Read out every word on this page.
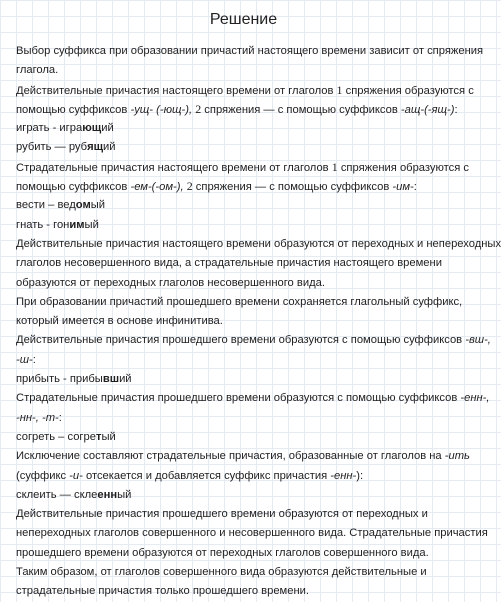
Решение
Выбор суффикса при образовании причастий настоящего времени зависит от спряжения
глагола.
Действительные причастия настоящего времени от глаголов 1 спряжения образуются с
помощью суффиксов -ущ- (-ющ-), 2 спряжения — с помощью суффиксов -ащ-(-ящ-):
играть - играющий
рубить — рубящий
Страдательные причастия настоящего времени от глаголов 1 спряжения образуются с
помощью суффиксов -ем-(-ом-), 2 спряжения — с помощью суффиксов -им-:
вести – ведомый
гнать - гонимый
Действительные причастия настоящего времени образуются от переходных и непереходных
глаголов несовершенного вида, а страдательные причастия настоящего времени
образуются от переходных глаголов несовершенного вида.
При образовании причастий прошедшего времени сохраняется глагольный суффикс,
который имеется в основе инфинитива.
Действительные причастия прошедшего времени образуются с помощью суффиксов -вш-,
-ш-:
прибыть - прибывший
Страдательные причастия прошедшего времени образуются с помощью суффиксов -енн-,
-нн-, -т-:
согреть – согретый
Исключение составляют страдательные причастия, образованные от глаголов на -ить
(суффикс -и- отсекается и добавляется суффикс причастия -енн-):
склеить — склеенный
Действительные причастия прошедшего времени образуются от переходных и
непереходных глаголов совершенного и несовершенного вида. Страдательные причастия
прошедшего времени образуются от переходных глаголов совершенного вида.
Таким образом, от глаголов совершенного вида образуются действительные и
страдательные причастия только прошедшего времени.
